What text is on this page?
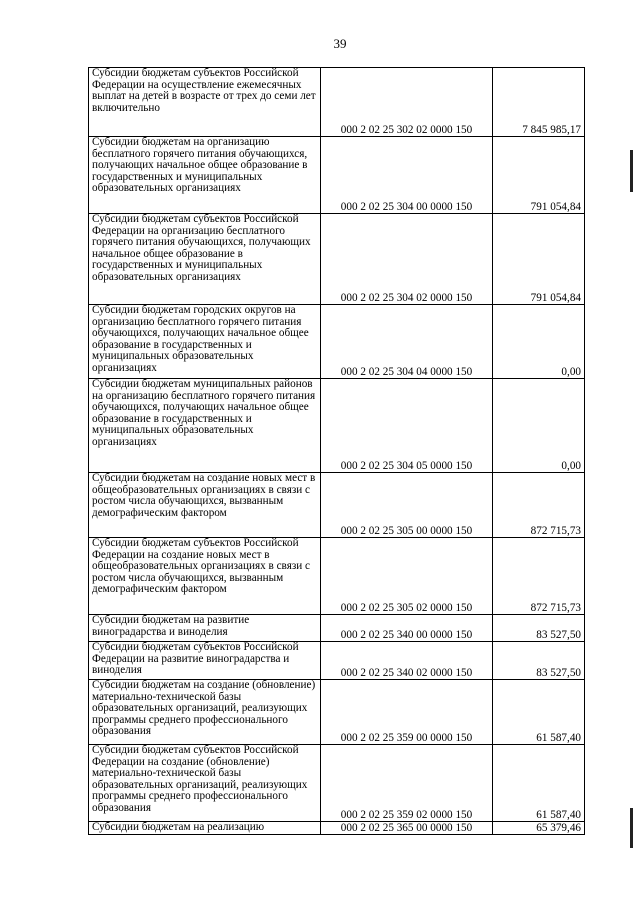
39
Субсидии бюджетам субъектов Российской Федерации на осуществление ежемесячных выплат на детей в возрасте от трех до семи лет включительно	000 2 02 25 302 02 0000 150	7 845 985,17
Субсидии бюджетам на организацию бесплатного горячего питания обучающихся, получающих начальное общее образование в государственных и муниципальных образовательных организациях	000 2 02 25 304 00 0000 150	791 054,84
Субсидии бюджетам субъектов Российской Федерации на организацию бесплатного горячего питания обучающихся, получающих начальное общее образование в государственных и муниципальных образовательных организациях	000 2 02 25 304 02 0000 150	791 054,84
Субсидии бюджетам городских округов на организацию бесплатного горячего питания обучающихся, получающих начальное общее образование в государственных и муниципальных образовательных организациях	000 2 02 25 304 04 0000 150	0,00
Субсидии бюджетам муниципальных районов на организацию бесплатного горячего питания обучающихся, получающих начальное общее образование в государственных и муниципальных образовательных организациях	000 2 02 25 304 05 0000 150	0,00
Субсидии бюджетам на создание новых мест в общеобразовательных организациях в связи с ростом числа обучающихся, вызванным демографическим фактором	000 2 02 25 305 00 0000 150	872 715,73
Субсидии бюджетам субъектов Российской Федерации на создание новых мест в общеобразовательных организациях в связи с ростом числа обучающихся, вызванным демографическим фактором	000 2 02 25 305 02 0000 150	872 715,73
Субсидии бюджетам на развитие виноградарства и виноделия	000 2 02 25 340 00 0000 150	83 527,50
Субсидии бюджетам субъектов Российской Федерации на развитие виноградарства и виноделия	000 2 02 25 340 02 0000 150	83 527,50
Субсидии бюджетам на создание (обновление) материально-технической базы образовательных организаций, реализующих программы среднего профессионального образования	000 2 02 25 359 00 0000 150	61 587,40
Субсидии бюджетам субъектов Российской Федерации на создание (обновление) материально-технической базы образовательных организаций, реализующих программы среднего профессионального образования	000 2 02 25 359 02 0000 150	61 587,40
Субсидии бюджетам на реализацию	000 2 02 25 365 00 0000 150	65 379,46
